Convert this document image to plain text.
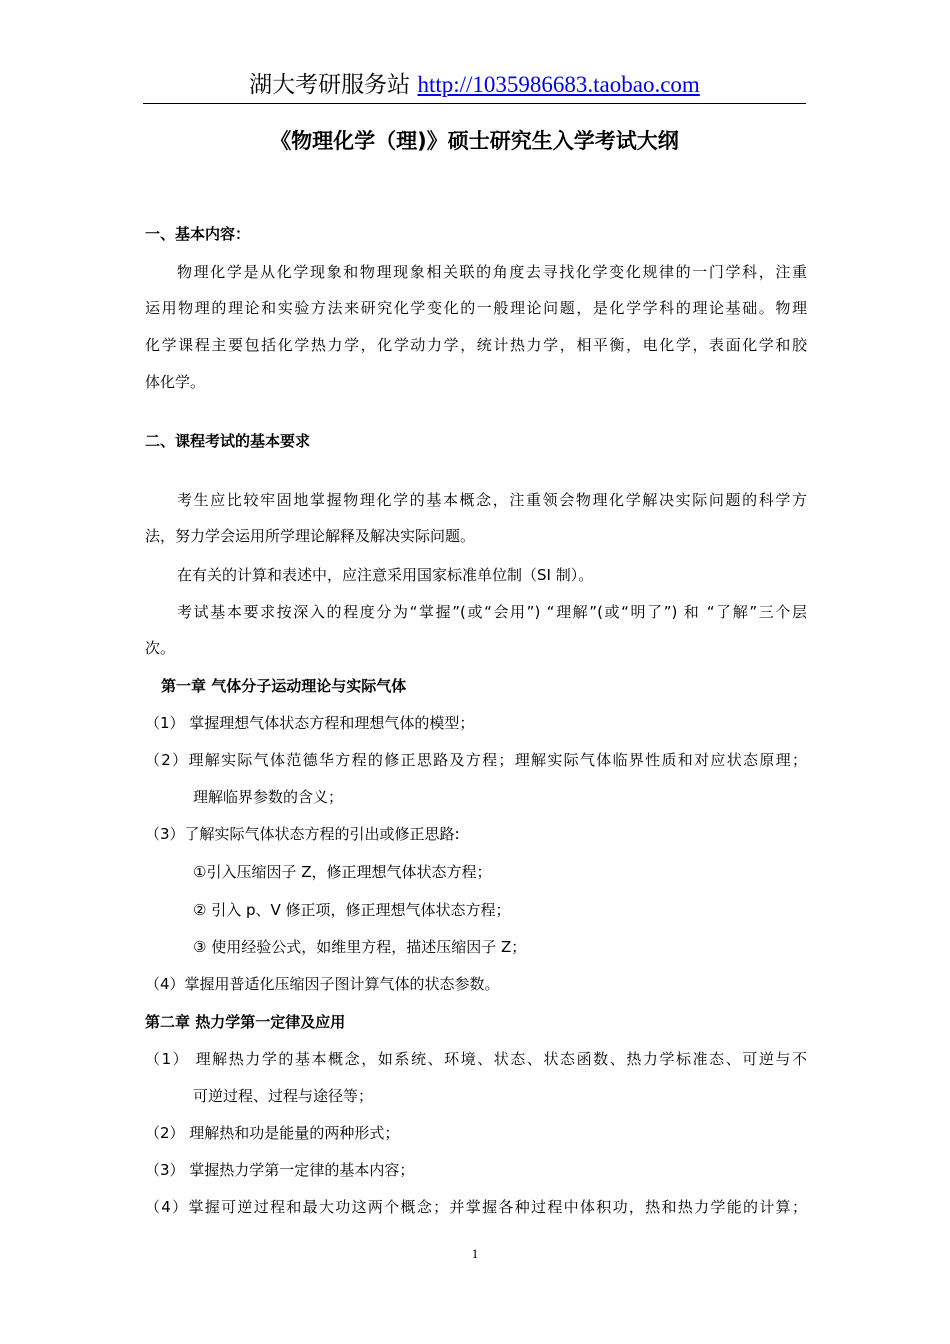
湖大考研服务站 http://1035986683.taobao.com
《物理化学（理)》硕士研究生入学考试大纲
一、基本内容：
物理化学是从化学现象和物理现象相关联的角度去寻找化学变化规律的一门学科，注重
运用物理的理论和实验方法来研究化学变化的一般理论问题，是化学学科的理论基础。物理
化学课程主要包括化学热力学，化学动力学，统计热力学，相平衡，电化学，表面化学和胶
体化学。
二、课程考试的基本要求
考生应比较牢固地掌握物理化学的基本概念，注重领会物理化学解决实际问题的科学方
法，努力学会运用所学理论解释及解决实际问题。
在有关的计算和表述中，应注意采用国家标准单位制（SI 制）。
考试基本要求按深入的程度分为“掌握”(或“会用”) “理解”(或“明了”) 和 “了解”三个层
次。
第一章 气体分子运动理论与实际气体
（1） 掌握理想气体状态方程和理想气体的模型；
（2）理解实际气体范德华方程的修正思路及方程；理解实际气体临界性质和对应状态原理；
理解临界参数的含义；
（3）了解实际气体状态方程的引出或修正思路:
①引入压缩因子 Z，修正理想气体状态方程；
② 引入 p、V 修正项，修正理想气体状态方程；
③ 使用经验公式，如维里方程，描述压缩因子 Z；
（4）掌握用普适化压缩因子图计算气体的状态参数。
第二章 热力学第一定律及应用
（1） 理解热力学的基本概念，如系统、环境、状态、状态函数、热力学标准态、可逆与不
可逆过程、过程与途径等；
（2） 理解热和功是能量的两种形式；
（3） 掌握热力学第一定律的基本内容；
（4）掌握可逆过程和最大功这两个概念；并掌握各种过程中体积功，热和热力学能的计算；
1
